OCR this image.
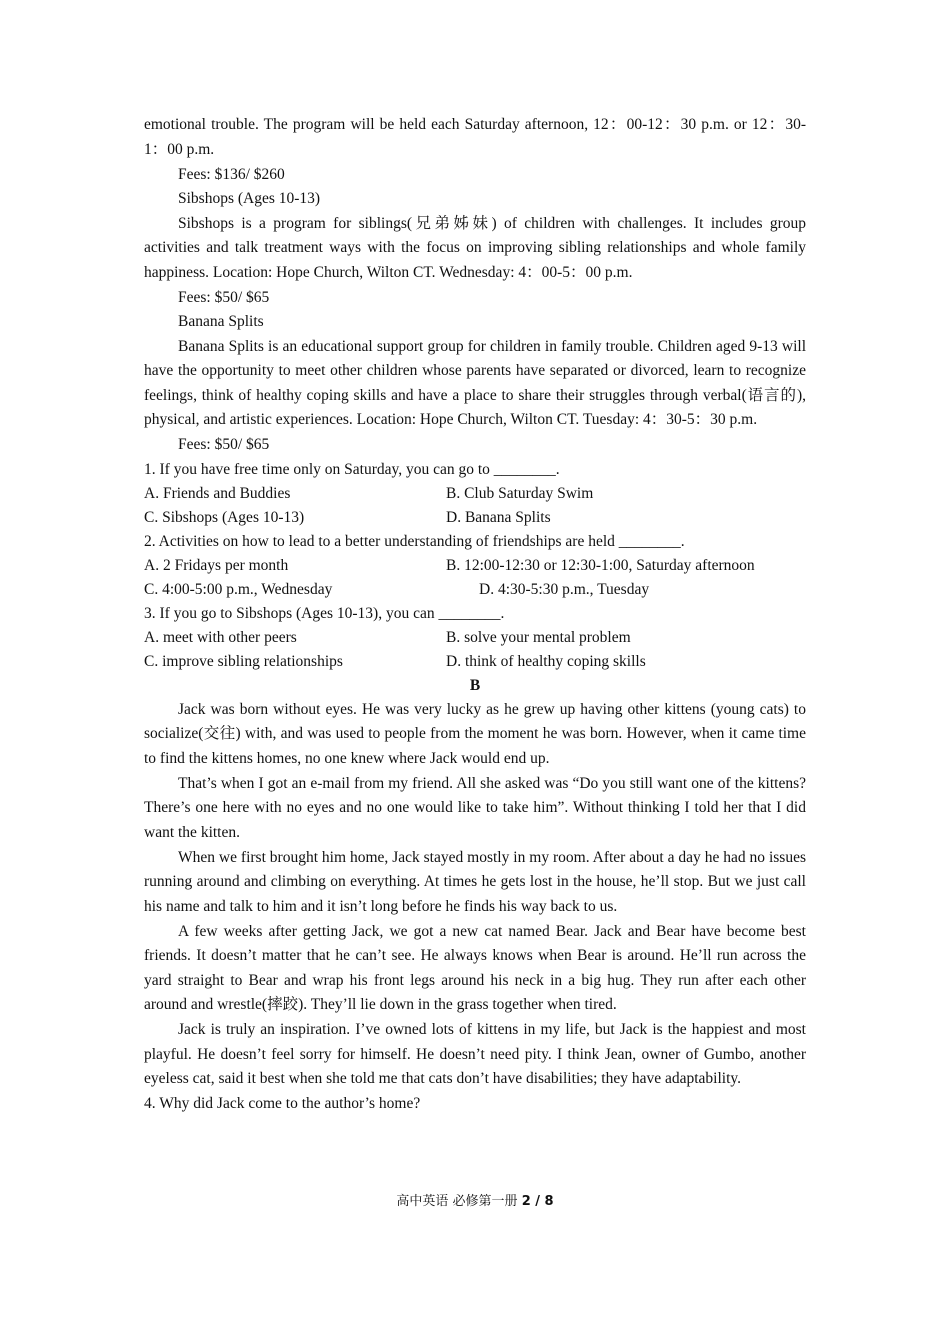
emotional trouble. The program will be held each Saturday afternoon, 12：00-12：30 p.m. or 12：30-1：00 p.m.

Fees: $136/ $260

Sibshops (Ages 10-13)

Sibshops is a program for siblings(兄弟姊妹) of children with challenges. It includes group activities and talk treatment ways with the focus on improving sibling relationships and whole family happiness. Location: Hope Church, Wilton CT. Wednesday: 4：00-5：00 p.m.

Fees: $50/ $65

Banana Splits

Banana Splits is an educational support group for children in family trouble. Children aged 9-13 will have the opportunity to meet other children whose parents have separated or divorced, learn to recognize feelings, think of healthy coping skills and have a place to share their struggles through verbal(语言的), physical, and artistic experiences. Location: Hope Church, Wilton CT. Tuesday: 4：30-5：30 p.m.

Fees: $50/ $65

1. If you have free time only on Saturday, you can go to ________.

A. Friends and Buddies	B. Club Saturday Swim
C. Sibshops (Ages 10-13)	D. Banana Splits

2. Activities on how to lead to a better understanding of friendships are held ________.

A. 2 Fridays per month	B. 12:00-12:30 or 12:30-1:00, Saturday afternoon
C. 4:00-5:00 p.m., Wednesday	D. 4:30-5:30 p.m., Tuesday

3. If you go to Sibshops (Ages 10-13), you can ________.

A. meet with other peers	B. solve your mental problem
C. improve sibling relationships	D. think of healthy coping skills
B

Jack was born without eyes. He was very lucky as he grew up having other kittens (young cats) to socialize(交往) with, and was used to people from the moment he was born. However, when it came time to find the kittens homes, no one knew where Jack would end up.

That’s when I got an e-mail from my friend. All she asked was “Do you still want one of the kittens? There’s one here with no eyes and no one would like to take him”. Without thinking I told her that I did want the kitten.

When we first brought him home, Jack stayed mostly in my room. After about a day he had no issues running around and climbing on everything. At times he gets lost in the house, he’ll stop. But we just call his name and talk to him and it isn’t long before he finds his way back to us.

A few weeks after getting Jack, we got a new cat named Bear. Jack and Bear have become best friends. It doesn’t matter that he can’t see. He always knows when Bear is around. He’ll run across the yard straight to Bear and wrap his front legs around his neck in a big hug. They run after each other around and wrestle(摔跤). They’ll lie down in the grass together when tired.

Jack is truly an inspiration. I’ve owned lots of kittens in my life, but Jack is the happiest and most playful. He doesn’t feel sorry for himself. He doesn’t need pity. I think Jean, owner of Gumbo, another eyeless cat, said it best when she told me that cats don’t have disabilities; they have adaptability.

4. Why did Jack come to the author’s home?

高中英语 必修第一册 2 / 8
